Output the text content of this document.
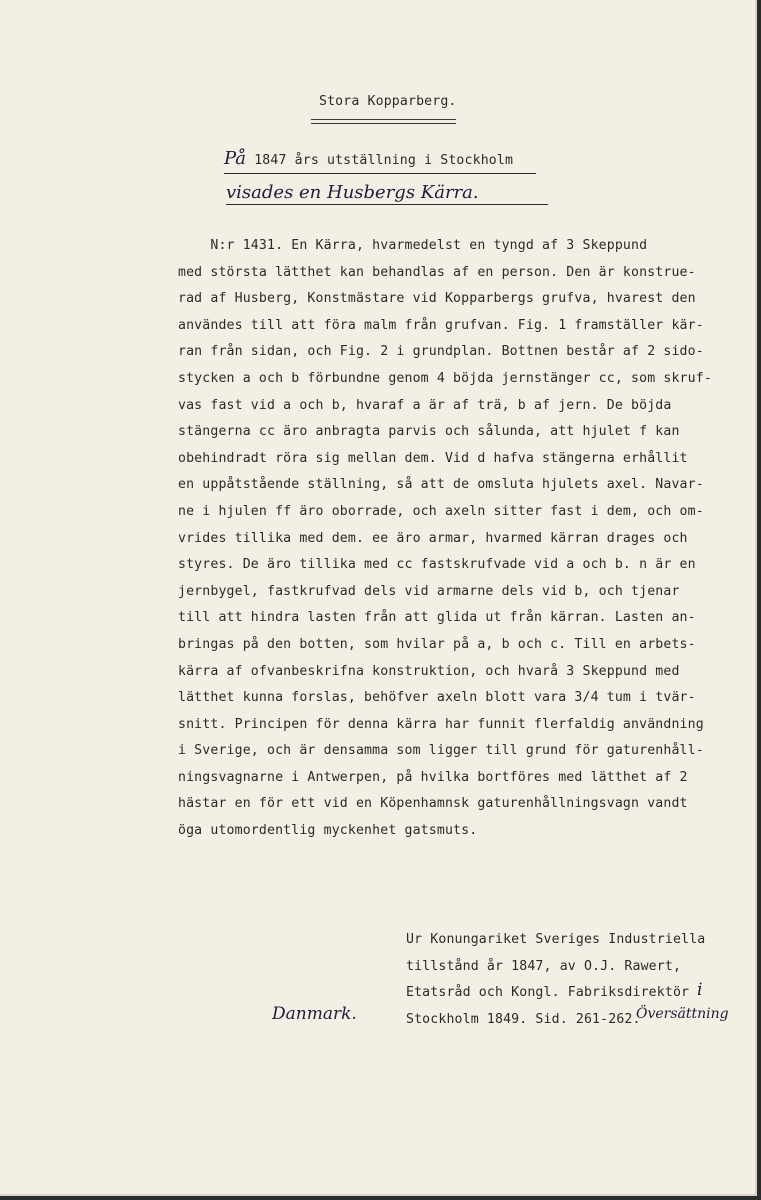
Stora Kopparberg.
På 1847 års utställning i Stockholm
visades en Husbergs Kärra.
N:r 1431. En Kärra, hvarmedelst en tyngd af 3 Skeppund
med största lätthet kan behandlas af en person. Den är konstrue-
rad af Husberg, Konstmästare vid Kopparbergs grufva, hvarest den
användes till att föra malm från grufvan. Fig. 1 framställer kär-
ran från sidan, och Fig. 2 i grundplan. Bottnen består af 2 sido-
stycken a och b förbundne genom 4 böjda jernstänger cc, som skruf-
vas fast vid a och b, hvaraf a är af trä, b af jern. De böjda
stängerna cc äro anbragta parvis och sålunda, att hjulet f kan
obehindradt röra sig mellan dem. Vid d hafva stängerna erhållit
en uppåtstående ställning, så att de omsluta hjulets axel. Navar-
ne i hjulen ff äro oborrade, och axeln sitter fast i dem, och om-
vrides tillika med dem. ee äro armar, hvarmed kärran drages och
styres. De äro tillika med cc fastskrufvade vid a och b. n är en
jernbygel, fastkrufvad dels vid armarne dels vid b, och tjenar
till att hindra lasten från att glida ut från kärran. Lasten an-
bringas på den botten, som hvilar på a, b och c. Till en arbets-
kärra af ofvanbeskrifna konstruktion, och hvarå 3 Skeppund med
lätthet kunna forslas, behöfver axeln blott vara 3/4 tum i tvär-
snitt. Principen för denna kärra har funnit flerfaldig användning
i Sverige, och är densamma som ligger till grund för gaturenhåll-
ningsvagnarne i Antwerpen, på hvilka bortföres med lätthet af 2
hästar en för ett vid en Köpenhamnsk gaturenhållningsvagn vandt
öga utomordentlig myckenhet gatsmuts.
Ur Konungariket Sveriges Industriella
tillstånd år 1847, av O.J. Rawert,
Etatsråd och Kongl. Fabriksdirektör
Stockholm 1849. Sid. 261-262.
Danmark.
i
Översättning
